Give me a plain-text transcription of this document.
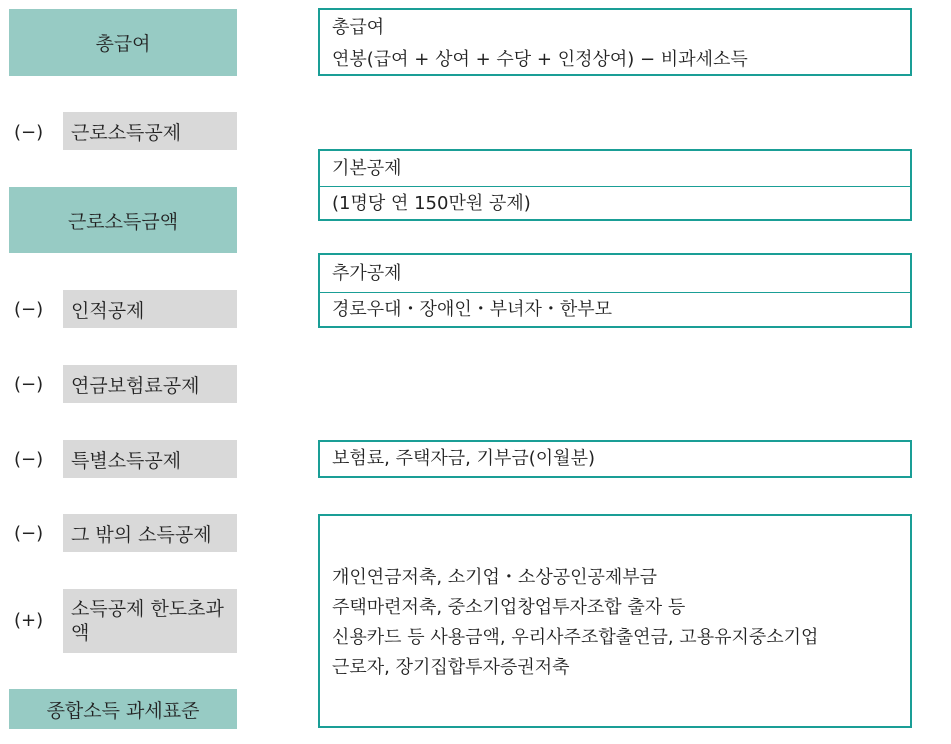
총급여
(−)	근로소득공제
근로소득금액
(−)	인적공제
(−)	연금보험료공제
(−)	특별소득공제
(−)	그 밖의 소득공제
(+)
소득공제 한도초과액
종합소득 과세표준
총급여
연봉(급여 + 상여 + 수당 + 인정상여) − 비과세소득
기본공제
(1명당 연 150만원 공제)
추가공제
경로우대・장애인・부녀자・한부모
보험료, 주택자금, 기부금(이월분)
개인연금저축, 소기업・소상공인공제부금
주택마련저축, 중소기업창업투자조합 출자 등
신용카드 등 사용금액, 우리사주조합출연금, 고용유지중소기업
근로자, 장기집합투자증권저축
